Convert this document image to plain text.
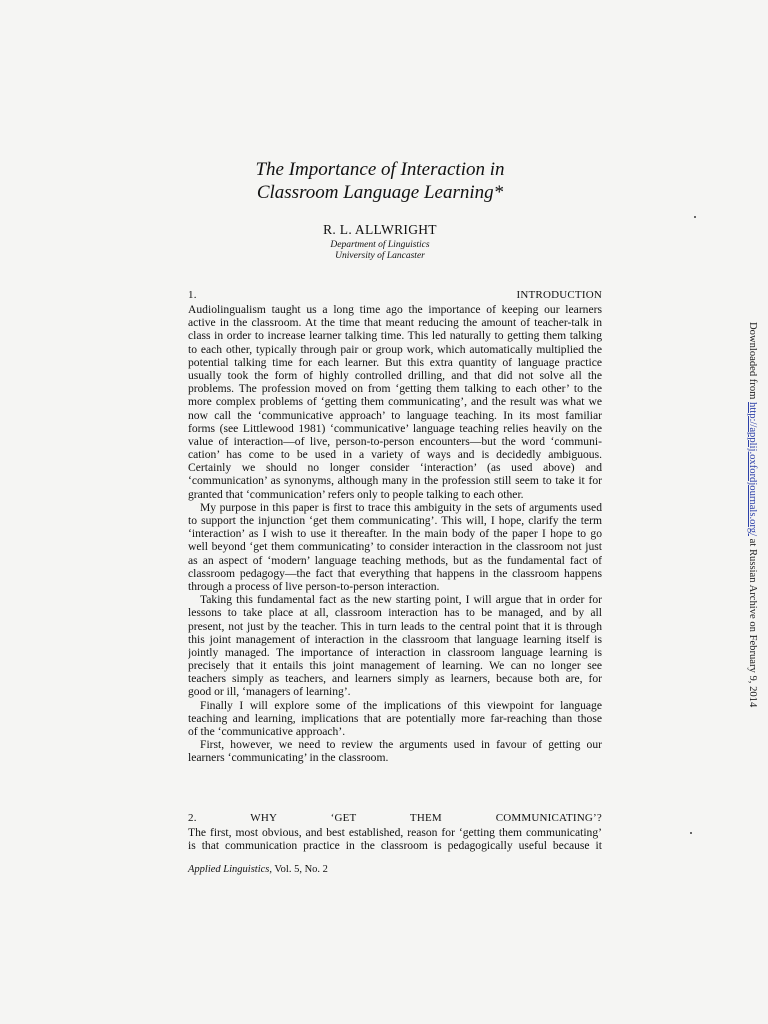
The Importance of Interaction in
Classroom Language Learning*
R. L. ALLWRIGHT
Department of Linguistics
University of Lancaster
1. INTRODUCTION
Audiolingualism taught us a long time ago the importance of keeping our learners
active in the classroom. At the time that meant reducing the amount of teacher-talk in
class in order to increase learner talking time. This led naturally to getting them talking
to each other, typically through pair or group work, which automatically multiplied the
potential talking time for each learner. But this extra quantity of language practice
usually took the form of highly controlled drilling, and that did not solve all the
problems. The profession moved on from ‘getting them talking to each other’ to the
more complex problems of ‘getting them communicating’, and the result was what we
now call the ‘communicative approach’ to language teaching. In its most familiar
forms (see Littlewood 1981) ‘communicative’ language teaching relies heavily on the
value of interaction—of live, person-to-person encounters—but the word ‘communi-
cation’ has come to be used in a variety of ways and is decidedly ambiguous.
Certainly we should no longer consider ‘interaction’ (as used above) and
‘communication’ as synonyms, although many in the profession still seem to take it for
granted that ‘communication’ refers only to people talking to each other.
My purpose in this paper is first to trace this ambiguity in the sets of arguments used
to support the injunction ‘get them communicating’. This will, I hope, clarify the term
‘interaction’ as I wish to use it thereafter. In the main body of the paper I hope to go
well beyond ‘get them communicating’ to consider interaction in the classroom not just
as an aspect of ‘modern’ language teaching methods, but as the fundamental fact of
classroom pedagogy—the fact that everything that happens in the classroom happens
through a process of live person-to-person interaction.
Taking this fundamental fact as the new starting point, I will argue that in order for
lessons to take place at all, classroom interaction has to be managed, and by all
present, not just by the teacher. This in turn leads to the central point that it is through
this joint management of interaction in the classroom that language learning itself is
jointly managed. The importance of interaction in classroom language learning is
precisely that it entails this joint management of learning. We can no longer see
teachers simply as teachers, and learners simply as learners, because both are, for
good or ill, ‘managers of learning’.
Finally I will explore some of the implications of this viewpoint for language
teaching and learning, implications that are potentially more far-reaching than those
of the ‘communicative approach’.
First, however, we need to review the arguments used in favour of getting our
learners ‘communicating’ in the classroom.
2. WHY ‘GET THEM COMMUNICATING’?
The first, most obvious, and best established, reason for ‘getting them communicating’
is that communication practice in the classroom is pedagogically useful because it
Applied Linguistics, Vol. 5, No. 2
Downloaded from http://applij.oxfordjournals.org/ at Russian Archive on February 9, 2014
